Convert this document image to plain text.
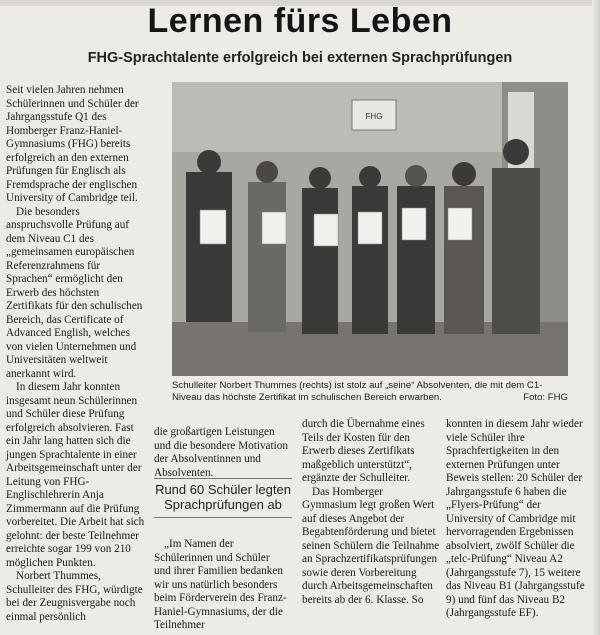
Lernen fürs Leben
FHG-Sprachtalente erfolgreich bei externen Sprachprüfungen

Seit vielen Jahren nehmen Schülerinnen und Schüler der Jahrgangsstufe Q1 des Homberger Franz-Haniel-Gymnasiums (FHG) bereits erfolgreich an den externen Prüfungen für Englisch als Fremdsprache der englischen University of Cambridge teil.

Die besonders anspruchsvolle Prüfung auf dem Niveau C1 des „gemeinsamen europäischen Referenzrahmens für Sprachen“ ermöglicht den Erwerb des höchsten Zertifikats für den schulischen Bereich, das Certificate of Advanced English, welches von vielen Unternehmen und Universitäten weltweit anerkannt wird.

In diesem Jahr konnten insgesamt neun Schülerinnen und Schüler diese Prüfung erfolgreich absolvieren. Fast ein Jahr lang hatten sich die jungen Sprachtalente in einer Arbeitsgemeinschaft unter der Leitung von FHG-Englischlehrerin Anja Zimmermann auf die Prüfung vorbereitet. Die Arbeit hat sich gelohnt: der beste Teilnehmer erreichte sogar 199 von 210 möglichen Punkten.

Norbert Thummes, Schulleiter des FHG, würdigte bei der Zeugnisvergabe noch einmal persönlich

FHG
Schulleiter Norbert Thummes (rechts) ist stolz auf „seine“ Absolventen, die mit dem C1-Niveau das höchste Zertifikat im schulischen Bereich erwarben.	Foto: FHG

die großartigen Leistungen und die besondere Motivation der Absolventinnen und Absolventen.

Rund 60 Schüler legten Sprachprüfungen ab

„Im Namen der Schülerinnen und Schüler und ihrer Familien bedanken wir uns natürlich besonders beim Förderverein des Franz-Haniel-Gymnasiums, der die Teilnehmer

durch die Übernahme eines Teils der Kosten für den Erwerb dieses Zertifikats maßgeblich unterstützt“, ergänzte der Schulleiter.

Das Homberger Gymnasium legt großen Wert auf dieses Angebot der Begabtenförderung und bietet seinen Schülern die Teilnahme an Sprachzertifikatsprüfungen sowie deren Vorbereitung durch Arbeitsgemeinschaften bereits ab der 6. Klasse. So

konnten in diesem Jahr wieder viele Schüler ihre Sprachfertigkeiten in den externen Prüfungen unter Beweis stellen: 20 Schüler der Jahrgangsstufe 6 haben die „Flyers-Prüfung“ der University of Cambridge mit hervorragenden Ergebnissen absolviert, zwölf Schüler die „telc-Prüfung“ Niveau A2 (Jahrgangsstufe 7), 15 weitere das Niveau B1 (Jahrgangsstufe 9) und fünf das Niveau B2 (Jahrgangsstufe EF).
